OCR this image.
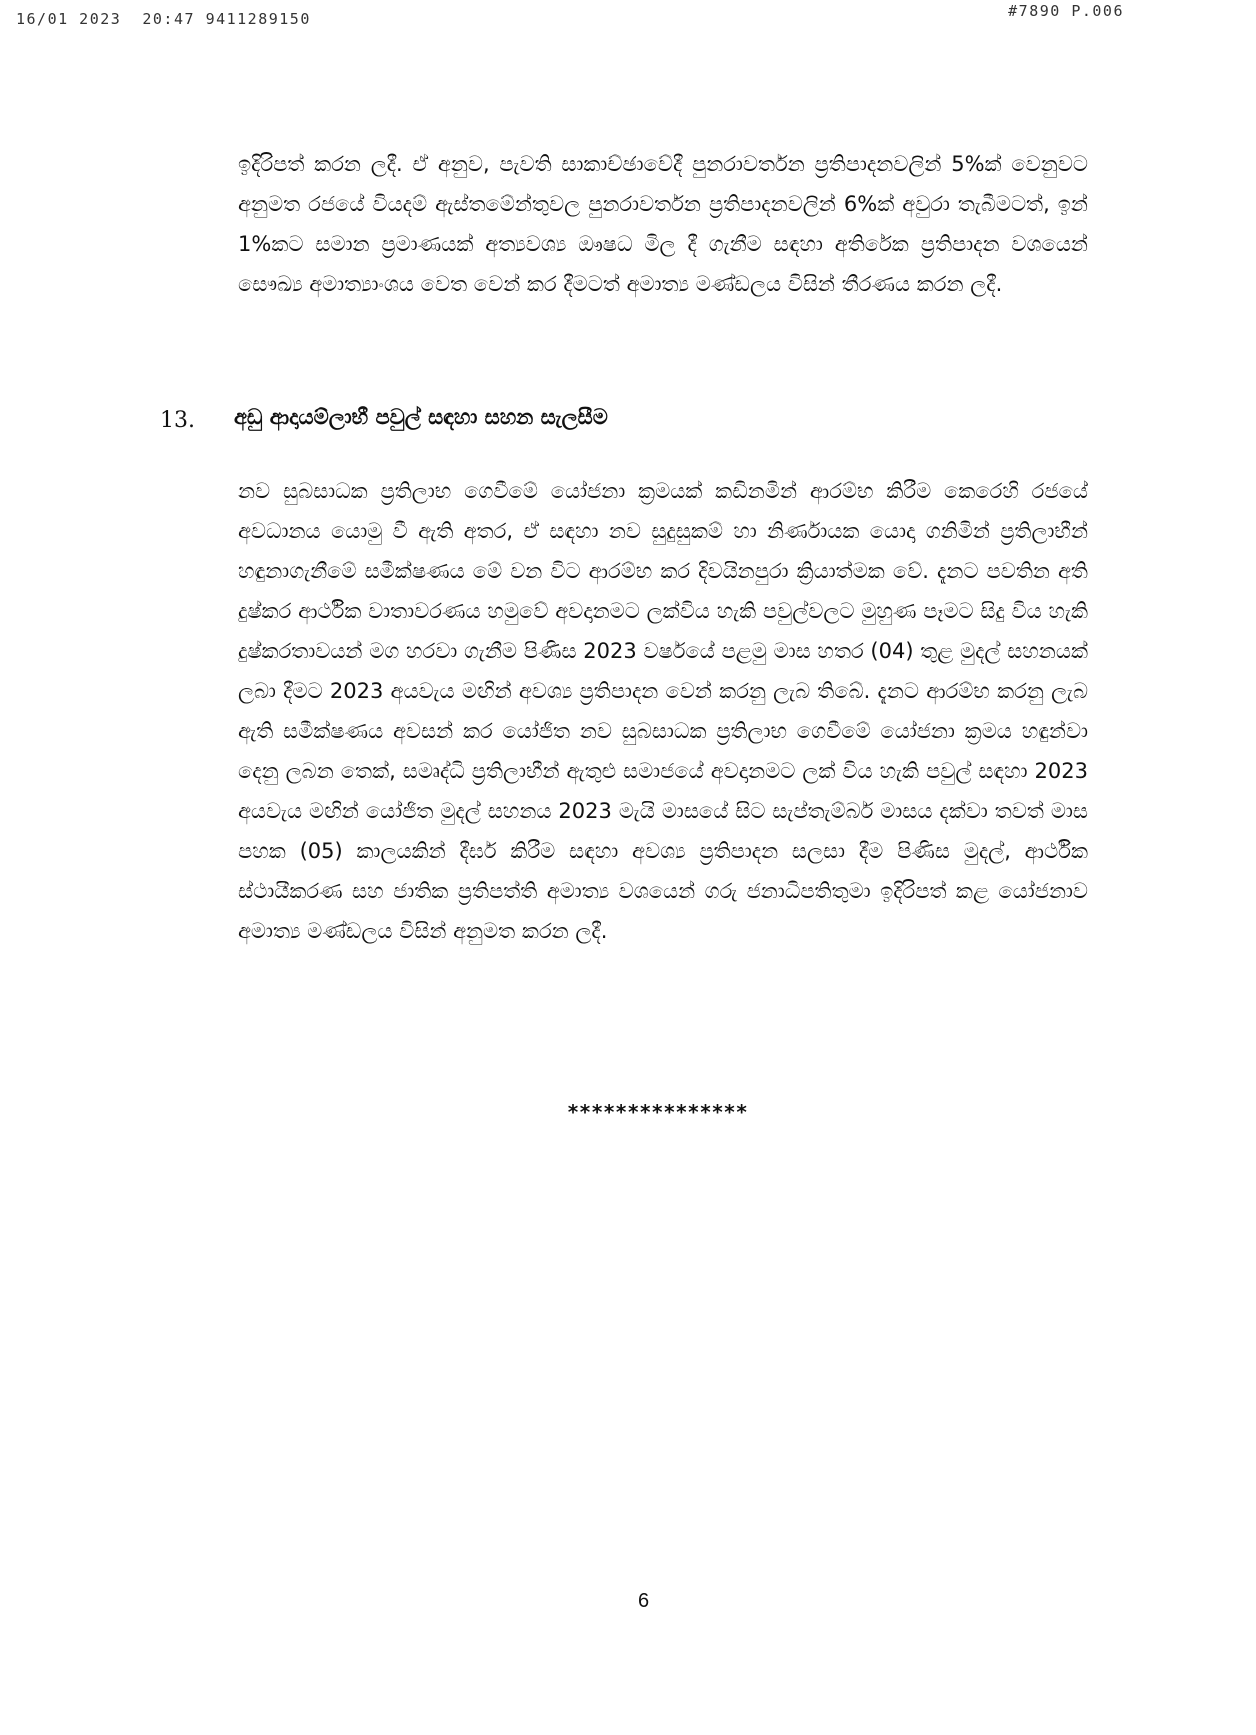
16/01 2023 20:47 9411289150	#7890 P.006
ඉදිරිපත් කරන ලදී. ඒ අනුව, පැවති සාකාච්ඡාවේදී පුනරාවර්තන ප්‍රතිපාදනවලින් 5%ක් වෙනුවට අනුමත රජයේ වියදම් ඇස්තමේන්තුවල පුනරාවර්තන ප්‍රතිපාදනවලින් 6%ක් අවුරා තැබීමටත්, ඉන් 1%කට සමාන ප්‍රමාණයක් අත්‍යවශ්‍ය ඖෂධ මිල දී ගැනීම සඳහා අතිරේක ප්‍රතිපාදන වශයෙන් සෞඛ්‍ය අමාත්‍යාංශය වෙත වෙන් කර දීමටත් අමාත්‍ය මණ්ඩලය විසින් තීරණය කරන ලදී.
13. අඩු ආදායම්ලාභී පවුල් සඳහා සහන සැලසීම
නව සුබසාධක ප්‍රතිලාභ ගෙවීමේ යෝජනා ක්‍රමයක් කඩිනමින් ආරම්භ කිරීම කෙරෙහි රජයේ අවධානය යොමු වී ඇති අතර, ඒ සඳහා නව සුදුසුකම් හා නිර්ණායක යොදා ගනිමින් ප්‍රතිලාභීන් හඳුනාගැනීමේ සමීක්ෂණය මේ වන විට ආරම්භ කර දිවයිනපුරා ක්‍රියාත්මක වේ. දැනට පවතින අති දුෂ්කර ආර්ථික වාතාවරණය හමුවේ අවදානමට ලක්විය හැකි පවුල්වලට මුහුණ පෑමට සිදු විය හැකි දුෂ්කරතාවයන් මග හරවා ගැනීම පිණිස 2023 වර්ෂයේ පළමු මාස හතර (04) තුළ මුදල් සහනයක් ලබා දීමට 2023 අයවැය මඟින් අවශ්‍ය ප්‍රතිපාදන වෙන් කරනු ලැබ තිබේ. දැනට ආරම්භ කරනු ලැබ ඇති සමීක්ෂණය අවසන් කර යෝජිත නව සුබසාධක ප්‍රතිලාභ ගෙවීමේ යෝජනා ක්‍රමය හඳුන්වා දෙනු ලබන තෙක්, සමෘද්ධි ප්‍රතිලාභීන් ඇතුළු සමාජයේ අවදානමට ලක් විය හැකි පවුල් සඳහා 2023 අයවැය මඟින් යෝජිත මුදල් සහනය 2023 මැයි මාසයේ සිට සැප්තැම්බර් මාසය දක්වා තවත් මාස පහක (05) කාලයකින් දීර්ඝ කිරීම සඳහා අවශ්‍ය ප්‍රතිපාදන සලසා දීම පිණිස මුදල්, ආර්ථික ස්ථායීකරණ සහ ජාතික ප්‍රතිපත්ති අමාත්‍ය වශයෙන් ගරු ජනාධිපතිතුමා ඉදිරිපත් කළ යෝජනාව අමාත්‍ය මණ්ඩලය විසින් අනුමත කරන ලදී.
***************
6
